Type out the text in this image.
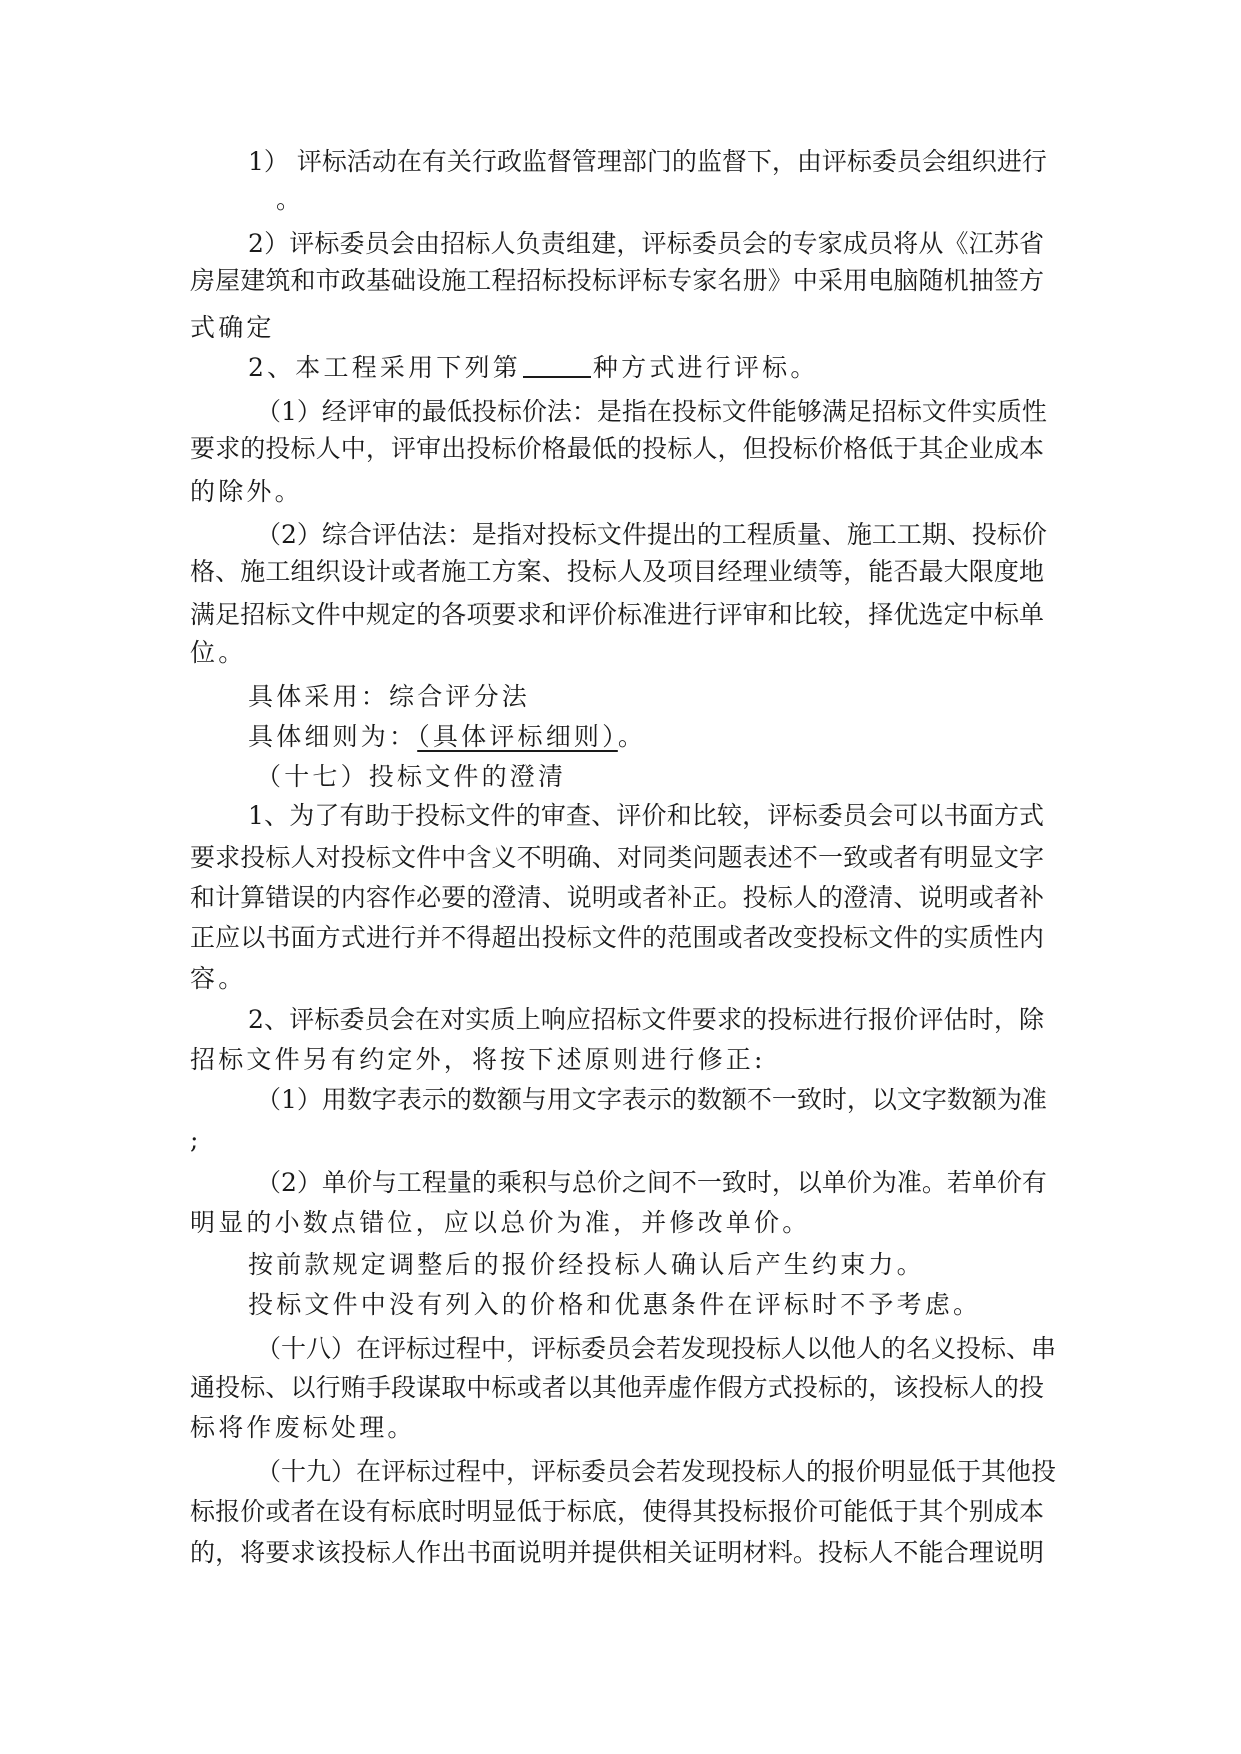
1） 评标活动在有关行政监督管理部门的监督下，由评标委员会组织进行
。
2）评标委员会由招标人负责组建，评标委员会的专家成员将从《江苏省
房屋建筑和市政基础设施工程招标投标评标专家名册》中采用电脑随机抽签方
式确定
2、本工程采用下列第	种方式进行评标。
（1）经评审的最低投标价法：是指在投标文件能够满足招标文件实质性
要求的投标人中，评审出投标价格最低的投标人，但投标价格低于其企业成本
的除外。
（2）综合评估法：是指对投标文件提出的工程质量、施工工期、投标价
格、施工组织设计或者施工方案、投标人及项目经理业绩等，能否最大限度地
满足招标文件中规定的各项要求和评价标准进行评审和比较，择优选定中标单
位。
具体采用：综合评分法
具体细则为：（具体评标细则）。
（十七）投标文件的澄清
1、为了有助于投标文件的审查、评价和比较，评标委员会可以书面方式
要求投标人对投标文件中含义不明确、对同类问题表述不一致或者有明显文字
和计算错误的内容作必要的澄清、说明或者补正。投标人的澄清、说明或者补
正应以书面方式进行并不得超出投标文件的范围或者改变投标文件的实质性内
容。
2、评标委员会在对实质上响应招标文件要求的投标进行报价评估时，除
招标文件另有约定外，将按下述原则进行修正:
（1）用数字表示的数额与用文字表示的数额不一致时，以文字数额为准
;
（2）单价与工程量的乘积与总价之间不一致时，以单价为准。若单价有
明显的小数点错位，应以总价为准，并修改单价。
按前款规定调整后的报价经投标人确认后产生约束力。
投标文件中没有列入的价格和优惠条件在评标时不予考虑。
（十八）在评标过程中，评标委员会若发现投标人以他人的名义投标、串
通投标、以行贿手段谋取中标或者以其他弄虚作假方式投标的，该投标人的投
标将作废标处理。
（十九）在评标过程中，评标委员会若发现投标人的报价明显低于其他投
标报价或者在设有标底时明显低于标底，使得其投标报价可能低于其个别成本
的，将要求该投标人作出书面说明并提供相关证明材料。投标人不能合理说明
